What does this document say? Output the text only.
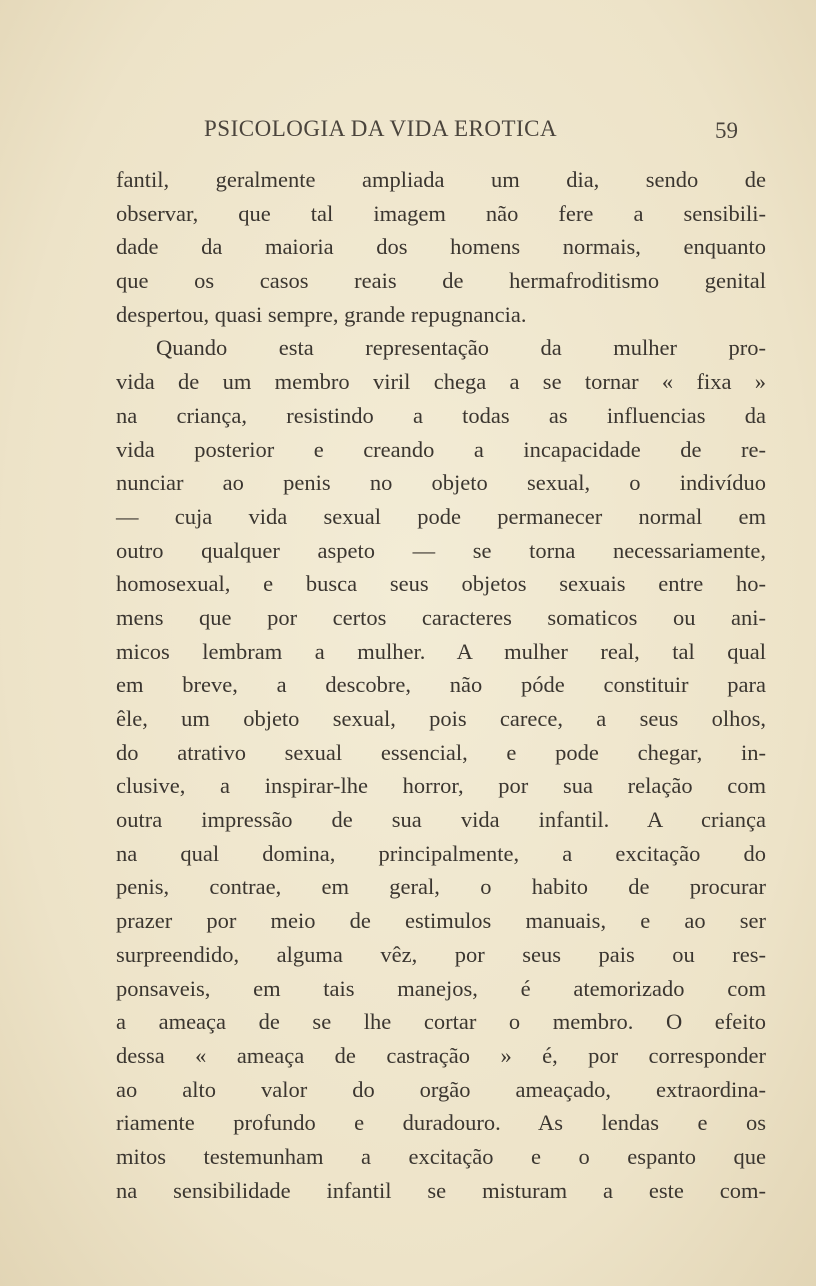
PSICOLOGIA DA VIDA EROTICA	59
fantil, geralmente ampliada um dia, sendo de
observar, que tal imagem não fere a sensibili-
dade da maioria dos homens normais, enquanto
que os casos reais de hermafroditismo genital
despertou, quasi sempre, grande repugnancia.
Quando esta representação da mulher pro-
vida de um membro viril chega a se tornar « fixa »
na criança, resistindo a todas as influencias da
vida posterior e creando a incapacidade de re-
nunciar ao penis no objeto sexual, o indivíduo
— cuja vida sexual pode permanecer normal em
outro qualquer aspeto — se torna necessariamente,
homosexual, e busca seus objetos sexuais entre ho-
mens que por certos caracteres somaticos ou ani-
micos lembram a mulher. A mulher real, tal qual
em breve, a descobre, não póde constituir para
êle, um objeto sexual, pois carece, a seus olhos,
do atrativo sexual essencial, e pode chegar, in-
clusive, a inspirar-lhe horror, por sua relação com
outra impressão de sua vida infantil. A criança
na qual domina, principalmente, a excitação do
penis, contrae, em geral, o habito de procurar
prazer por meio de estimulos manuais, e ao ser
surpreendido, alguma vêz, por seus pais ou res-
ponsaveis, em tais manejos, é atemorizado com
a ameaça de se lhe cortar o membro. O efeito
dessa « ameaça de castração » é, por corresponder
ao alto valor do orgão ameaçado, extraordina-
riamente profundo e duradouro. As lendas e os
mitos testemunham a excitação e o espanto que
na sensibilidade infantil se misturam a este com-
